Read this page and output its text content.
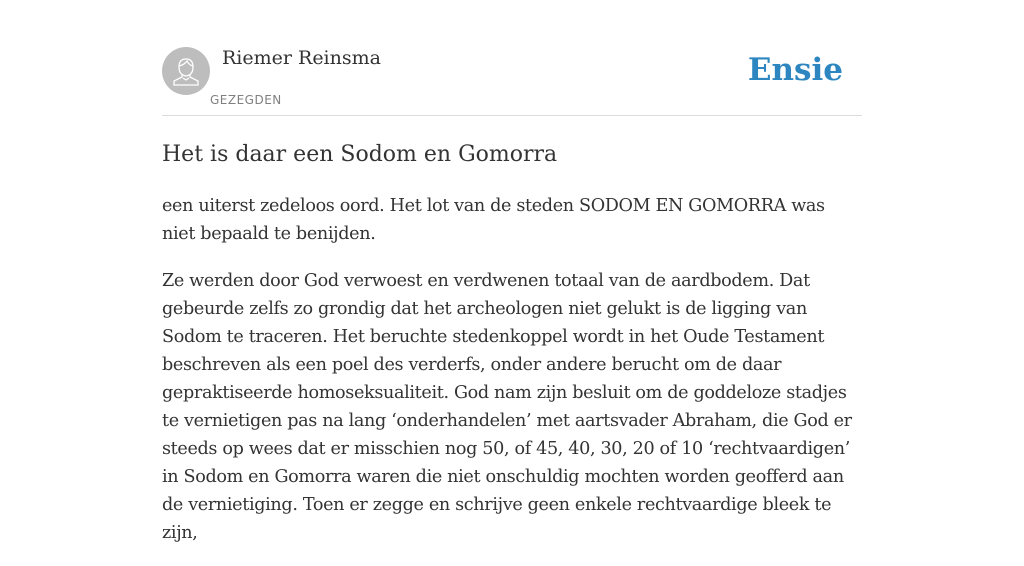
Riemer Reinsma
GEZEGDEN
Ensie
Het is daar een Sodom en Gomorra

een uiterst zedeloos oord. Het lot van de steden SODOM EN GOMORRA was niet bepaald te benijden.

Ze werden door God verwoest en verdwenen totaal van de aardbodem. Dat gebeurde zelfs zo grondig dat het archeologen niet gelukt is de ligging van Sodom te traceren. Het beruchte stedenkoppel wordt in het Oude Testament beschreven als een poel des verderfs, onder andere berucht om de daar gepraktiseerde homoseksualiteit. God nam zijn besluit om de goddeloze stadjes te vernietigen pas na lang ‘onderhandelen’ met aartsvader Abraham, die God er steeds op wees dat er misschien nog 50, of 45, 40, 30, 20 of 10 ‘rechtvaardigen’ in Sodom en Gomorra waren die niet onschuldig mochten worden geofferd aan de vernietiging. Toen er zegge en schrijve geen enkele rechtvaardige bleek te zijn,
